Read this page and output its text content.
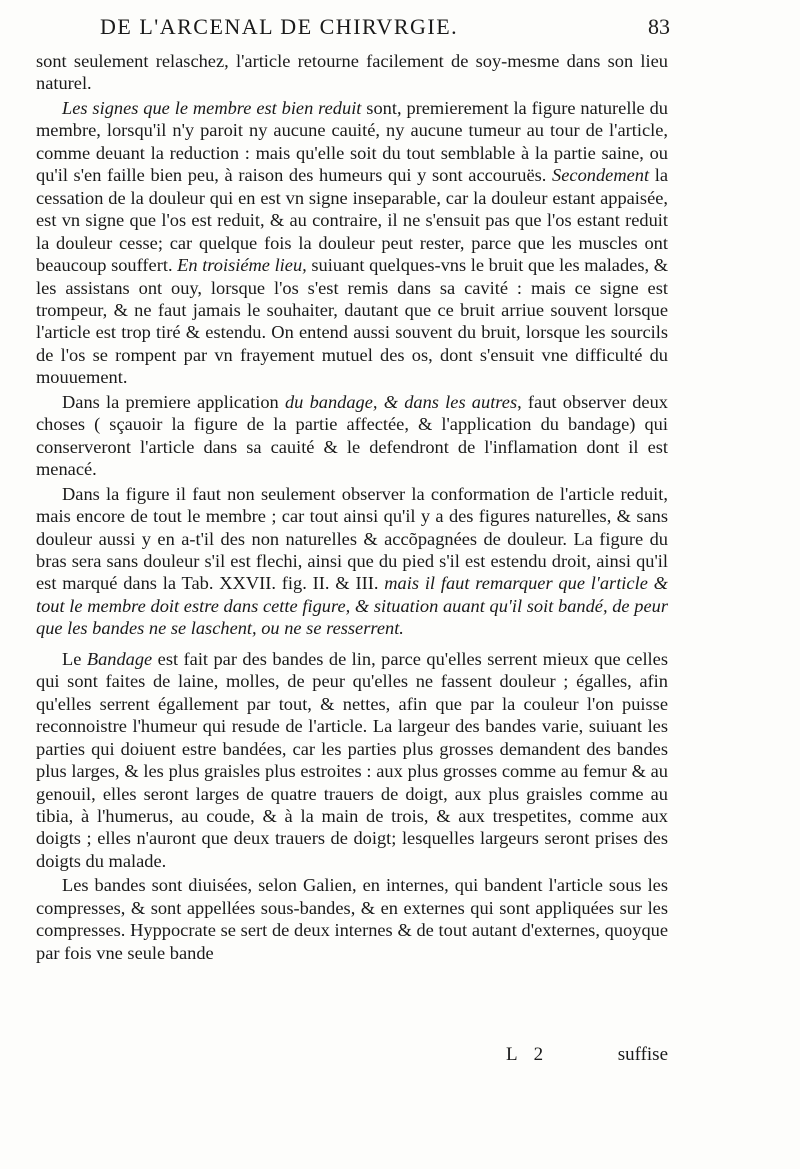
DE L'ARCENAL DE CHIRVRGIE.	83

sont seulement relaschez, l'article retourne facilement de soy-mesme dans son lieu naturel.

Les signes que le membre est bien reduit sont, premierement la figure naturelle du membre, lorsqu'il n'y paroit ny aucune cauité, ny aucune tumeur au tour de l'article, comme deuant la reduction : mais qu'elle soit du tout semblable à la partie saine, ou qu'il s'en faille bien peu, à raison des humeurs qui y sont accouruës. Secondement la cessation de la douleur qui en est vn signe inseparable, car la douleur estant appaisée, est vn signe que l'os est reduit, & au contraire, il ne s'ensuit pas que l'os estant reduit la douleur cesse; car quelque fois la douleur peut rester, parce que les muscles ont beaucoup souffert. En troisiéme lieu, suiuant quelques-vns le bruit que les malades, & les assistans ont ouy, lorsque l'os s'est remis dans sa cavité : mais ce signe est trompeur, & ne faut jamais le souhaiter, dautant que ce bruit arriue souvent lorsque l'article est trop tiré & estendu. On entend aussi souvent du bruit, lorsque les sourcils de l'os se rompent par vn frayement mutuel des os, dont s'ensuit vne difficulté du mouuement.

Dans la premiere application du bandage, & dans les autres, faut observer deux choses ( sçauoir la figure de la partie affectée, & l'application du bandage) qui conserveront l'article dans sa cauité & le defendront de l'inflamation dont il est menacé.

Dans la figure il faut non seulement observer la conformation de l'article reduit, mais encore de tout le membre ; car tout ainsi qu'il y a des figures naturelles, & sans douleur aussi y en a-t'il des non naturelles & accõpagnées de douleur. La figure du bras sera sans douleur s'il est flechi, ainsi que du pied s'il est estendu droit, ainsi qu'il est marqué dans la Tab. XXVII. fig. II. & III. mais il faut remarquer que l'article & tout le membre doit estre dans cette figure, & situation auant qu'il soit bandé, de peur que les bandes ne se laschent, ou ne se resserrent.

Le Bandage est fait par des bandes de lin, parce qu'elles serrent mieux que celles qui sont faites de laine, molles, de peur qu'elles ne fassent douleur ; égalles, afin qu'elles serrent égallement par tout, & nettes, afin que par la couleur l'on puisse reconnoistre l'humeur qui resude de l'article. La largeur des bandes varie, suiuant les parties qui doiuent estre bandées, car les parties plus grosses demandent des bandes plus larges, & les plus graisles plus estroites : aux plus grosses comme au femur & au genouil, elles seront larges de quatre trauers de doigt, aux plus graisles comme au tibia, à l'humerus, au coude, & à la main de trois, & aux trespetites, comme aux doigts ; elles n'auront que deux trauers de doigt; lesquelles largeurs seront prises des doigts du malade.

Les bandes sont diuisées, selon Galien, en internes, qui bandent l'article sous les compresses, & sont appellées sous-bandes, & en externes qui sont appliquées sur les compresses. Hyppocrate se sert de deux internes & de tout autant d'externes, quoyque par fois vne seule bande

L 2	suffise
